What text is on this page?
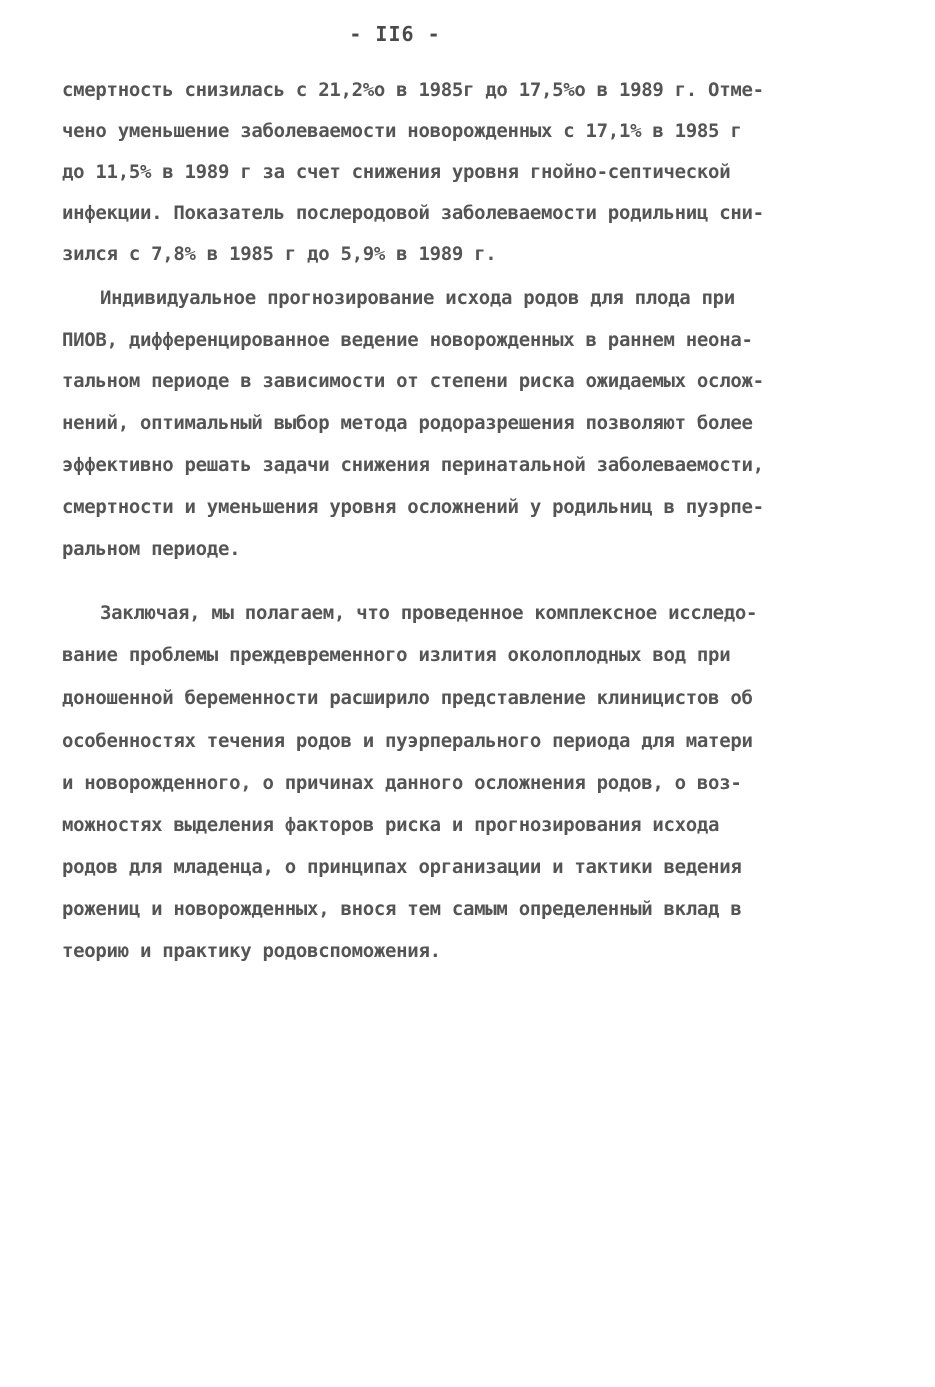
- II6 -
смертность снизилась с 21,2%о в 1985г до 17,5%о в 1989 г. Отме-
чено уменьшение заболеваемости новорожденных с 17,1% в 1985 г
до 11,5% в 1989 г за счет снижения уровня гнойно-септической
инфекции. Показатель послеродовой заболеваемости родильниц сни-
зился с 7,8% в 1985 г до 5,9% в 1989 г.
Индивидуальное прогнозирование исхода родов для плода при
ПИОВ, дифференцированное ведение новорожденных в раннем неона-
тальном периоде в зависимости от степени риска ожидаемых ослож-
нений, оптимальный выбор метода родоразрешения позволяют более
эффективно решать задачи снижения перинатальной заболеваемости,
смертности и уменьшения уровня осложнений у родильниц в пуэрпе-
ральном периоде.
Заключая, мы полагаем, что проведенное комплексное исследо-
вание проблемы преждевременного излития околоплодных вод при
доношенной беременности расширило представление клиницистов об
особенностях течения родов и пуэрперального периода для матери
и новорожденного, о причинах данного осложнения родов, о воз-
можностях выделения факторов риска и прогнозирования исхода
родов для младенца, о принципах организации и тактики ведения
рожениц и новорожденных, внося тем самым определенный вклад в
теорию и практику родовспоможения.
